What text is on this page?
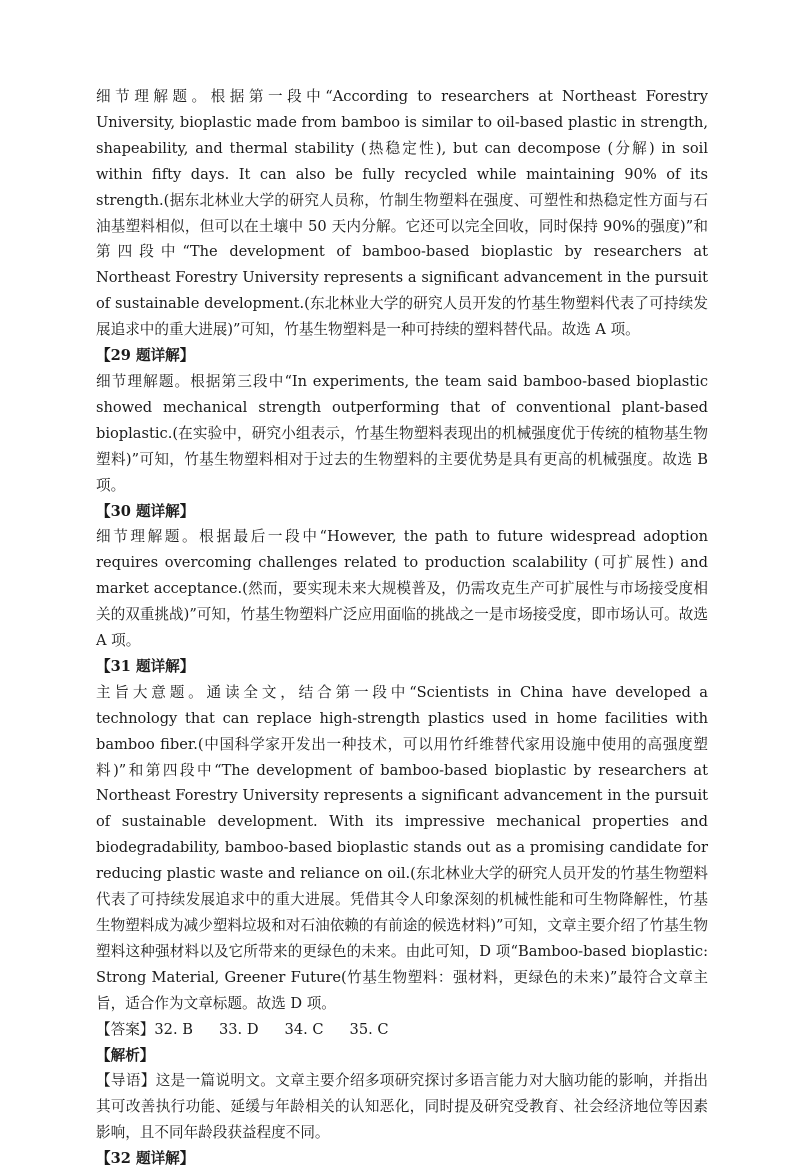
细节理解题。根据第一段中“According to researchers at Northeast Forestry University, bioplastic made from bamboo is similar to oil-based plastic in strength, shapeability, and thermal stability (热稳定性), but can decompose (分解) in soil within fifty days. It can also be fully recycled while maintaining 90% of its strength.(据东北林业大学的研究人员称，竹制生物塑料在强度、可塑性和热稳定性方面与石油基塑料相似，但可以在土壤中 50 天内分解。它还可以完全回收，同时保持 90%的强度)”和第四段中“The development of bamboo-based bioplastic by researchers at Northeast Forestry University represents a significant advancement in the pursuit of sustainable development.(东北林业大学的研究人员开发的竹基生物塑料代表了可持续发展追求中的重大进展)”可知，竹基生物塑料是一种可持续的塑料替代品。故选 A 项。

【29 题详解】

细节理解题。根据第三段中“In experiments, the team said bamboo-based bioplastic showed mechanical strength outperforming that of conventional plant-based bioplastic.(在实验中，研究小组表示，竹基生物塑料表现出的机械强度优于传统的植物基生物塑料)”可知，竹基生物塑料相对于过去的生物塑料的主要优势是具有更高的机械强度。故选 B 项。

【30 题详解】

细节理解题。根据最后一段中“However, the path to future widespread adoption requires overcoming challenges related to production scalability (可扩展性) and market acceptance.(然而，要实现未来大规模普及，仍需攻克生产可扩展性与市场接受度相关的双重挑战)”可知，竹基生物塑料广泛应用面临的挑战之一是市场接受度，即市场认可。故选 A 项。

【31 题详解】

主旨大意题。通读全文，结合第一段中“Scientists in China have developed a technology that can replace high-strength plastics used in home facilities with bamboo fiber.(中国科学家开发出一种技术，可以用竹纤维替代家用设施中使用的高强度塑料)”和第四段中“The development of bamboo-based bioplastic by researchers at Northeast Forestry University represents a significant advancement in the pursuit of sustainable development. With its impressive mechanical properties and biodegradability, bamboo-based bioplastic stands out as a promising candidate for reducing plastic waste and reliance on oil.(东北林业大学的研究人员开发的竹基生物塑料代表了可持续发展追求中的重大进展。凭借其令人印象深刻的机械性能和可生物降解性，竹基生物塑料成为减少塑料垃圾和对石油依赖的有前途的候选材料)”可知，文章主要介绍了竹基生物塑料这种强材料以及它所带来的更绿色的未来。由此可知，D 项“Bamboo-based bioplastic: Strong Material, Greener Future(竹基生物塑料：强材料，更绿色的未来)”最符合文章主旨，适合作为文章标题。故选 D 项。

【答案】32. B 33. D 34. C 35. C

【解析】

【导语】这是一篇说明文。文章主要介绍多项研究探讨多语言能力对大脑功能的影响，并指出其可改善执行功能、延缓与年龄相关的认知恶化，同时提及研究受教育、社会经济地位等因素影响，且不同年龄段获益程度不同。

【32 题详解】
